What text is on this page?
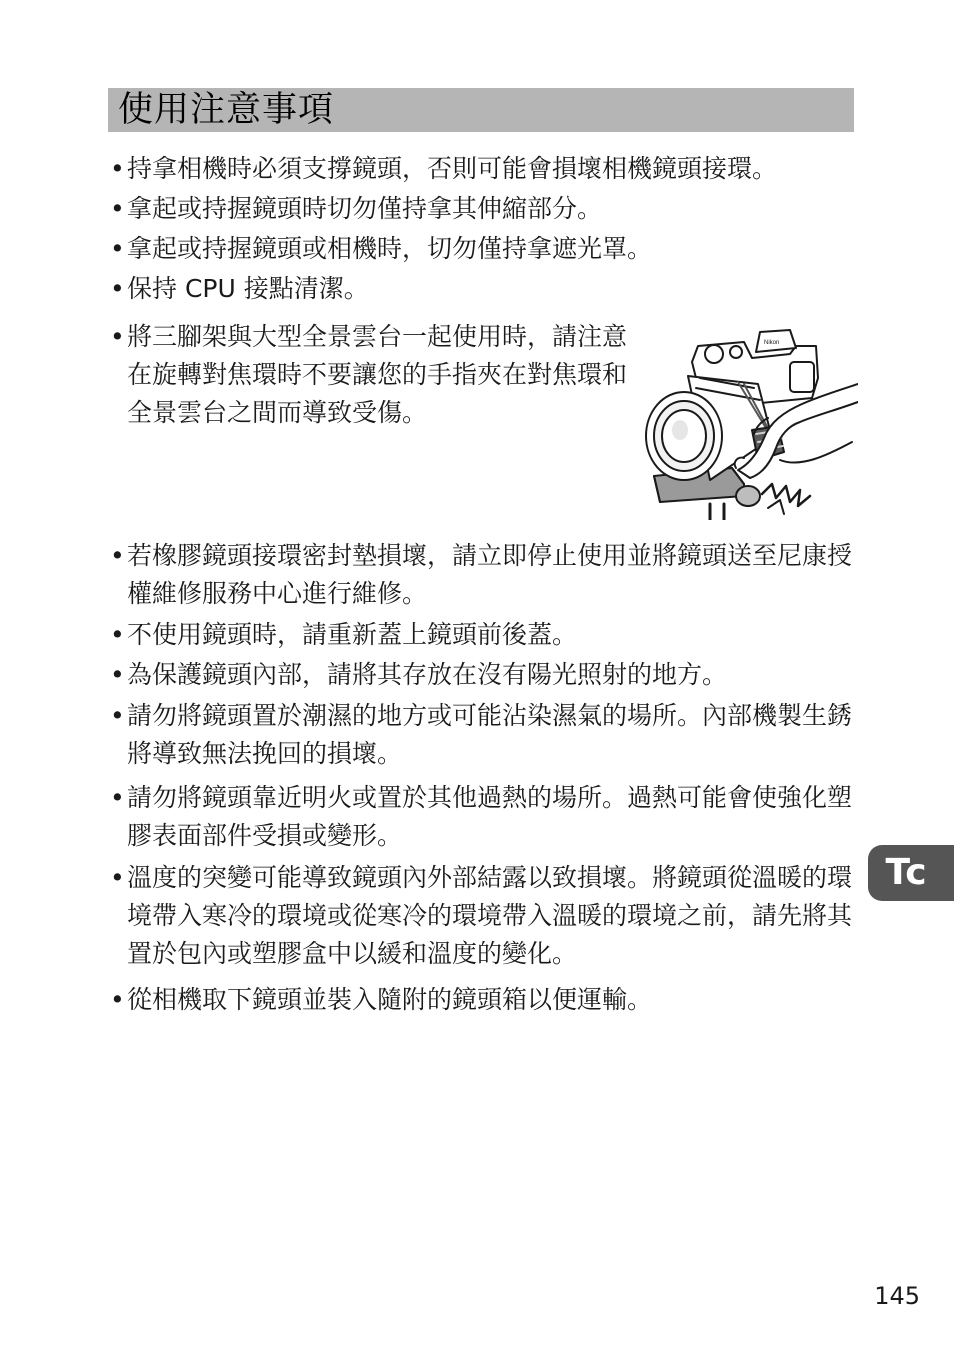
使用注意事項
• 持拿相機時必須支撐鏡頭，否則可能會損壞相機鏡頭接環。
• 拿起或持握鏡頭時切勿僅持拿其伸縮部分。
• 拿起或持握鏡頭或相機時，切勿僅持拿遮光罩。
• 保持 CPU 接點清潔。
• 將三腳架與大型全景雲台一起使用時，請注意在旋轉對焦環時不要讓您的手指夾在對焦環和全景雲台之間而導致受傷。
Nikon
• 若橡膠鏡頭接環密封墊損壞，請立即停止使用並將鏡頭送至尼康授權維修服務中心進行維修。
• 不使用鏡頭時，請重新蓋上鏡頭前後蓋。
• 為保護鏡頭內部，請將其存放在沒有陽光照射的地方。
• 請勿將鏡頭置於潮濕的地方或可能沾染濕氣的場所。內部機製生銹將導致無法挽回的損壞。
• 請勿將鏡頭靠近明火或置於其他過熱的場所。過熱可能會使強化塑膠表面部件受損或變形。
• 溫度的突變可能導致鏡頭內外部結露以致損壞。將鏡頭從溫暖的環境帶入寒冷的環境或從寒冷的環境帶入溫暖的環境之前，請先將其置於包內或塑膠盒中以緩和溫度的變化。
• 從相機取下鏡頭並裝入隨附的鏡頭箱以便運輸。
Tc
145
